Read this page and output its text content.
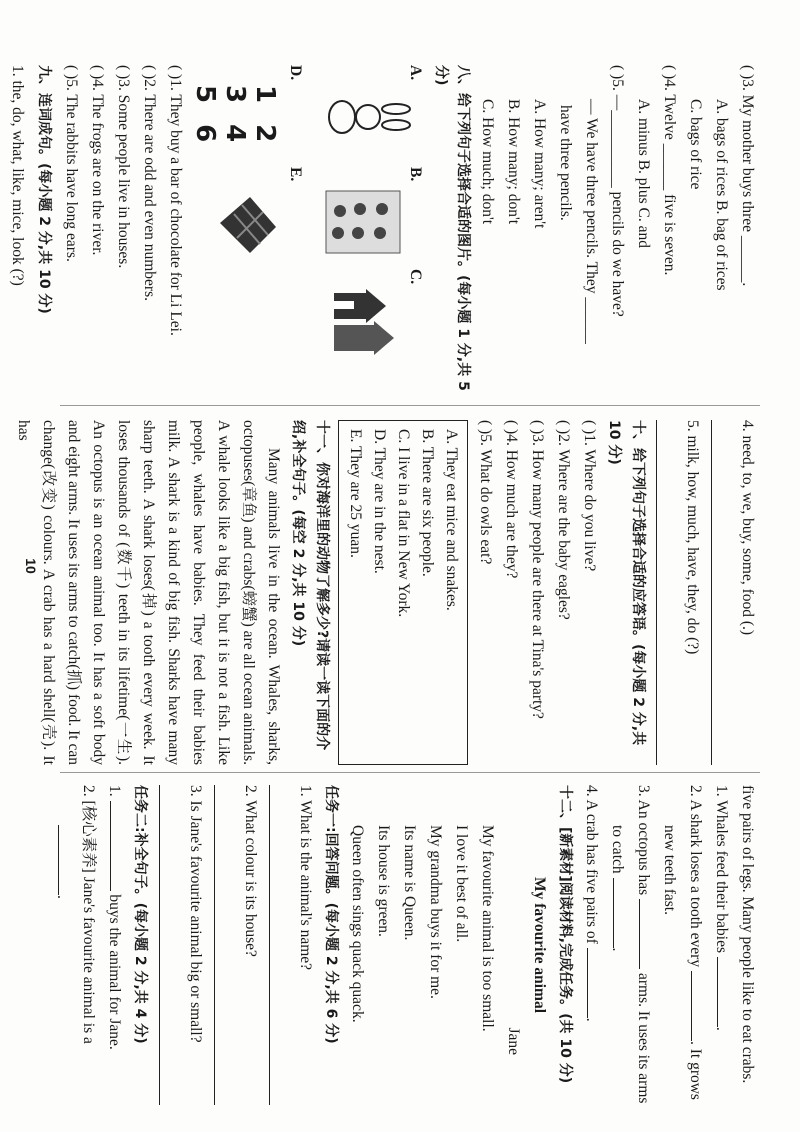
( )3. My mother buys three ______.
A. bags of rices B. bag of rices
C. bags of rice
( )4. Twelve ______ five is seven.
A. minus B. plus C. and
( )5. —__________ pencils do we have?
— We have three pencils. They ______
have three pencils.
A. How many; aren't
B. How many; don't
C. How much; don't
八、给下列句子选择合适的图片。(每小题 1 分,共 5 分)
A.
B.
C.
D.
1 2 3 4 5 6
E.
( )1. They buy a bar of chocolate for Li Lei.
( )2. There are odd and even numbers.
( )3. Some people live in houses.
( )4. The frogs are on the river.
( )5. The rabbits have long ears.
九、连词成句。(每小题 2 分,共 10 分)
1. the, do, what, like, mice, look (?)
4. need, to, we, buy, some, food (.)
5. milk, how, much, have, they, do (?)
十、给下列句子选择合适的应答语。(每小题 2 分,共 10 分)
( )1. Where do you live?
( )2. Where are the baby eagles?
( )3. How many people are there at Tina's party?
( )4. How much are they?
( )5. What do owls eat?
A. They eat mice and snakes.
B. There are six people.
C. I live in a flat in New York.
D. They are in the nest.
E. They are 25 yuan.
十一、你对海洋里的动物了解多少?请读一读下面的介绍,补全句子。(每空 2 分,共 10 分)
Many animals live in the ocean. Whales, sharks, octopuses(章鱼) and crabs(螃蟹) are all ocean animals. A whale looks like a big fish, but it is not a fish. Like people, whales have babies. They feed their babies milk. A shark is a kind of big fish. Sharks have many sharp teeth. A shark loses(掉) a tooth every week. It loses thousands of (数千) teeth in its lifetime(一生). An octopus is an ocean animal too. It has a soft body and eight arms. It uses its arms to catch(抓) food. It can change(改变) colours. A crab has a hard shell(壳). It has
five pairs of legs. Many people like to eat crabs.
1. Whales feed their babies .
2. A shark loses a tooth every . It grows
new teeth fast.
3. An octopus has  arms. It uses its arms
to catch .
4. A crab has five pairs of .
十二、[新素材]阅读材料,完成任务。(共 10 分)
My favourite animal
Jane
My favourite animal is too small.
I love it best of all.
My grandma buys it for me.
Its name is Queen.
Its house is green.
Queen often sings quack quack.
任务一:回答问题。(每小题 2 分,共 6 分)
1. What is the animal's name?
2. What colour is its house?
3. Is Jane's favourite animal big or small?
任务二:补全句子。(每小题 2 分,共 4 分)
1.  buys the animal for Jane.
2. [核心素养] Jane's favourite animal is a
.
10
